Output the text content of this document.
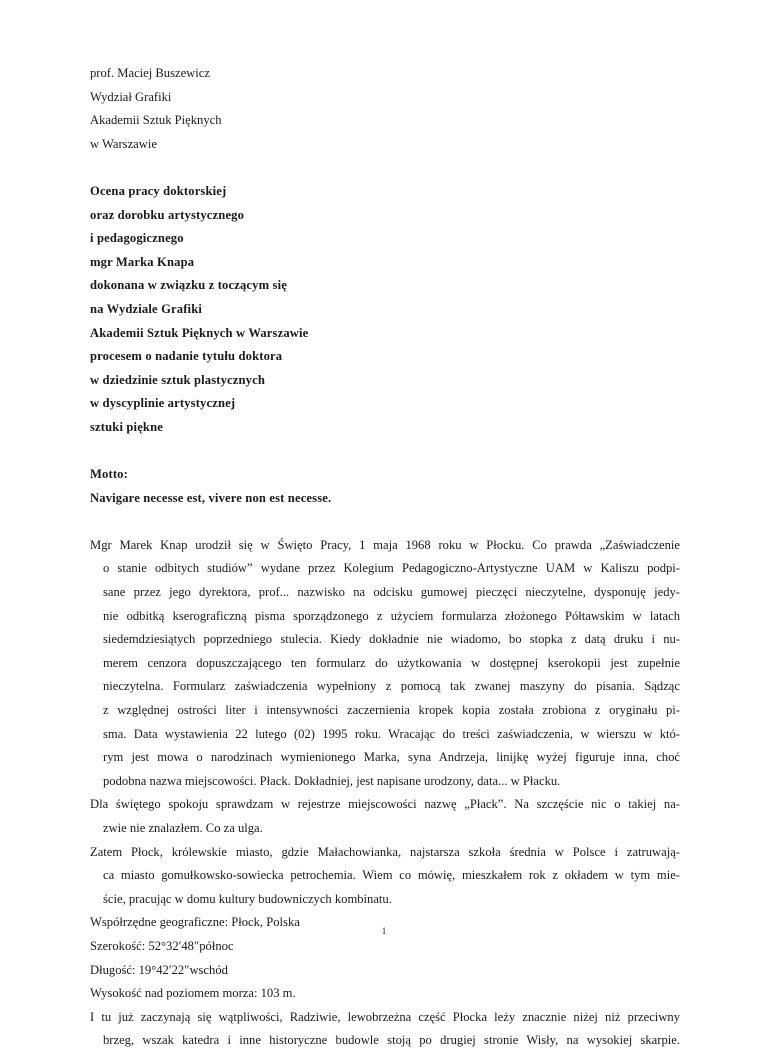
prof. Maciej Buszewicz
Wydział Grafiki
Akademii Sztuk Pięknych
w Warszawie
Ocena pracy doktorskiej
oraz dorobku artystycznego
i pedagogicznego
mgr Marka Knapa
dokonana w związku z toczącym się
na Wydziale Grafiki
Akademii Sztuk Pięknych w Warszawie
procesem o nadanie tytułu doktora
w dziedzinie sztuk plastycznych
w dyscyplinie artystycznej
sztuki piękne
Motto:
Navigare necesse est, vivere non est necesse.
Mgr Marek Knap urodził się w Święto Pracy, 1 maja 1968 roku w Płocku. Co prawda „Zaświadczenie
o stanie odbitych studiów” wydane przez Kolegium Pedagogiczno-Artystyczne UAM w Kaliszu podpi-
sane przez jego dyrektora, prof... nazwisko na odcisku gumowej pieczęci nieczytelne, dysponuję jedy-
nie odbitką kserograficzną pisma sporządzonego z użyciem formularza złożonego Półtawskim w latach
siedemdziesiątych poprzedniego stulecia. Kiedy dokładnie nie wiadomo, bo stopka z datą druku i nu-
merem cenzora dopuszczającego ten formularz do użytkowania w dostępnej kserokopii jest zupełnie
nieczytelna. Formularz zaświadczenia wypełniony z pomocą tak zwanej maszyny do pisania. Sądząc
z względnej ostrości liter i intensywności zaczernienia kropek kopia została zrobiona z oryginału pi-
sma. Data wystawienia 22 lutego (02) 1995 roku. Wracając do treści zaświadczenia, w wierszu w któ-
rym jest mowa o narodzinach wymienionego Marka, syna Andrzeja, linijkę wyżej figuruje inna, choć
podobna nazwa miejscowości. Płack. Dokładniej, jest napisane urodzony, data... w Płacku.
Dla świętego spokoju sprawdzam w rejestrze miejscowości nazwę „Płack”. Na szczęście nic o takiej na-
zwie nie znalazłem. Co za ulga.
Zatem Płock, królewskie miasto, gdzie Małachowianka, najstarsza szkoła średnia w Polsce i zatruwają-
ca miasto gomułkowsko-sowiecka petrochemia. Wiem co mówię, mieszkałem rok z okładem w tym mie-
ście, pracując w domu kultury budowniczych kombinatu.
Współrzędne geograficzne: Płock, Polska
Szerokość: 52°32′48″północ
Długość: 19°42′22″wschód
Wysokość nad poziomem morza: 103 m.
I tu już zaczynają się wątpliwości, Radziwie, lewobrzeżna część Płocka leży znacznie niżej niż przeciwny
brzeg, wszak katedra i inne historyczne budowle stoją po drugiej stronie Wisły, na wysokiej skarpie.
1
